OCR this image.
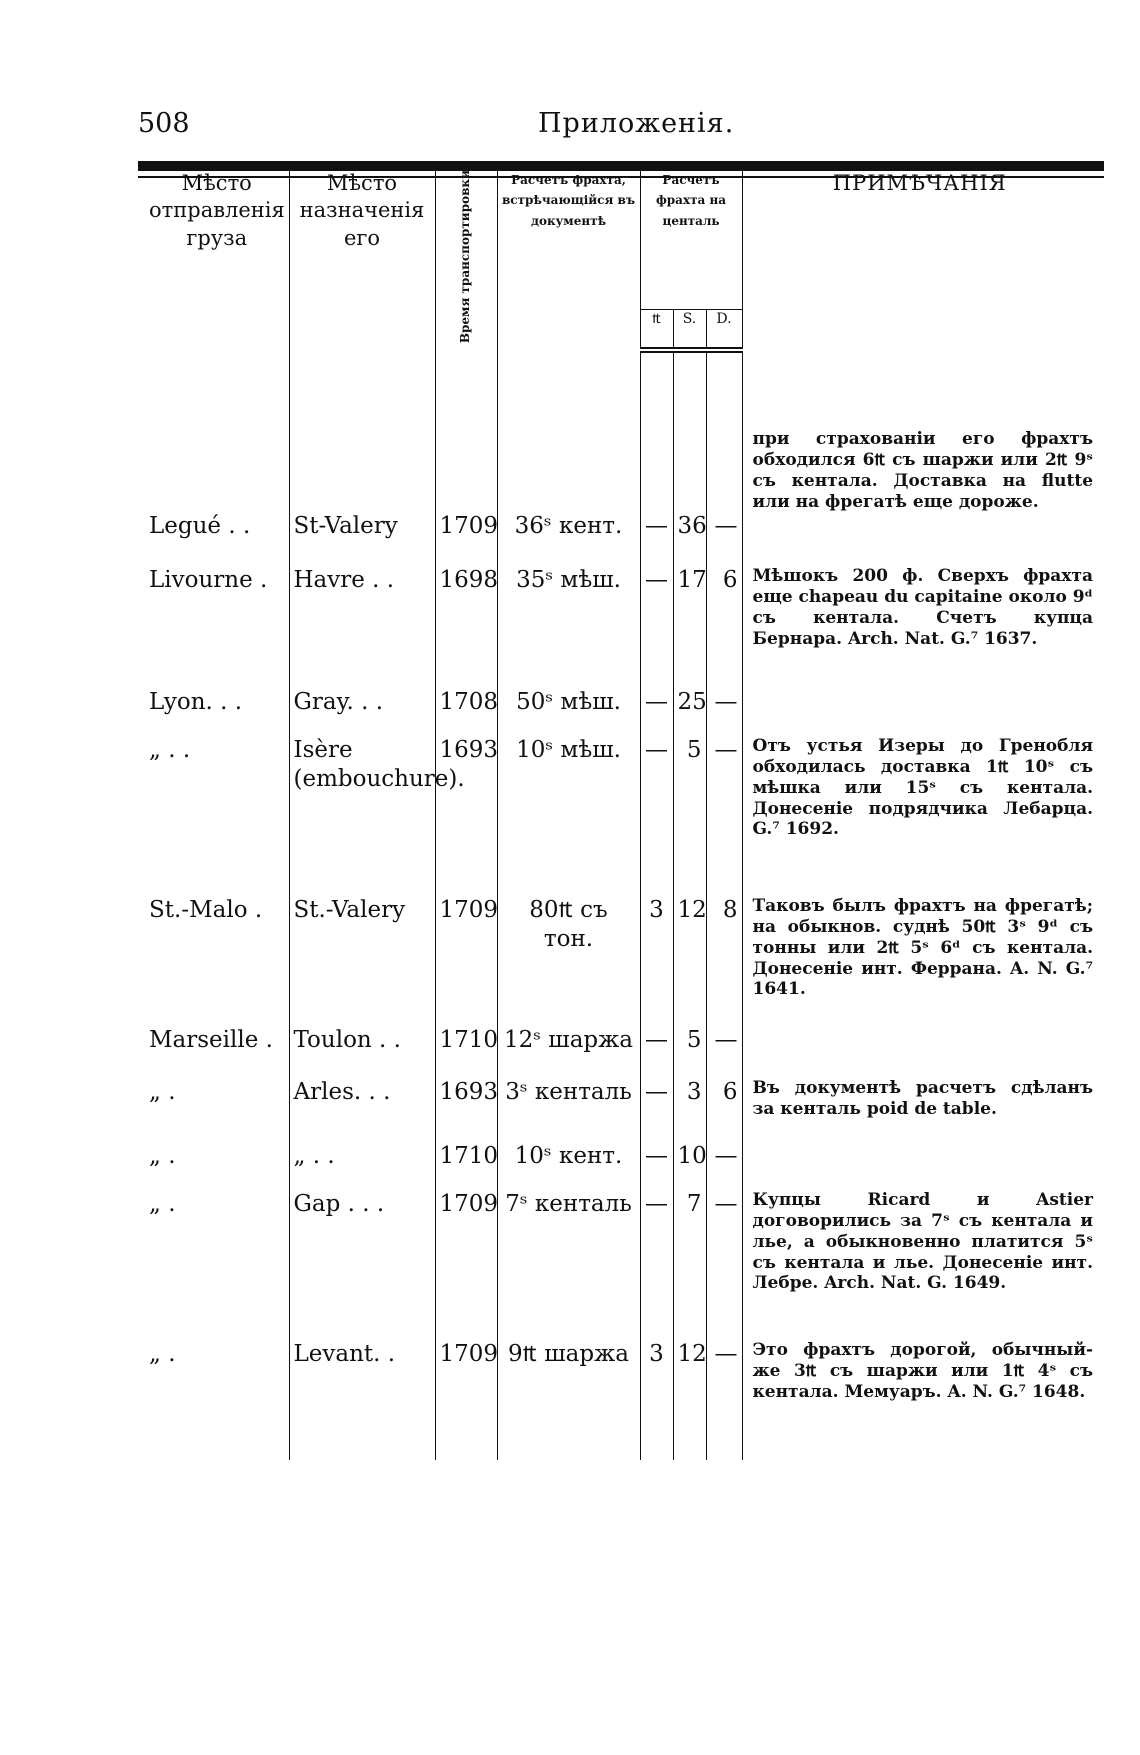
508	Приложенія.
Мѣсто отправленія груза	Мѣсто назначенія его	Время транспортировки	Расчетъ фрахта, встрѣчающійся въ документѣ	Расчетъ фрахта на центаль			ПРИМѢЧАНІЯ
				₶	S.	D.	

							при страхованіи его фрахтъ обходился 6₶ съ шаржи или 2₶ 9ˢ съ кентала. Доставка на flutte или на фрегатѣ еще дороже.
Legué . .	St-Valery	1709	36ˢ кент.	—	36	—	
Livourne .	Havre . .	1698	35ˢ мѣш.	—	17	6	Мѣшокъ 200 ф. Сверхъ фрахта еще chapeau du capitaine около 9ᵈ съ кентала. Счетъ купца Бернара. Arch. Nat. G.⁷ 1637.
Lyon. . .	Gray. . .	1708	50ˢ мѣш.	—	25	—	
„ . .	Isère (embouchure).	1693	10ˢ мѣш.	—	5	—	Отъ устья Изеры до Гренобля обходилась доставка 1₶ 10ˢ съ мѣшка или 15ˢ съ кентала. Донесеніе подрядчика Лебарца. G.⁷ 1692.
St.-Malo .	St.-Valery	1709	80₶ съ тон.	3	12	8	Таковъ былъ фрахтъ на фрегатѣ; на обыкнов. суднѣ 50₶ 3ˢ 9ᵈ съ тонны или 2₶ 5ˢ 6ᵈ съ кентала. Донесеніе инт. Феррана. A. N. G.⁷ 1641.
Marseille .	Toulon . .	1710	12ˢ шаржа	—	5	—	
„ .	Arles. . .	1693	3ˢ кенталь	—	3	6	Въ документѣ расчетъ сдѣланъ за кенталь poid de table.
„ .	„ . .	1710	10ˢ кент.	—	10	—	
„ .	Gap . . .	1709	7ˢ кенталь	—	7	—	Купцы Ricard и Astier договорились за 7ˢ съ кентала и лье, а обыкновенно платится 5ˢ съ кентала и лье. Донесеніе инт. Лебре. Arch. Nat. G. 1649.
„ .	Levant. .	1709	9₶ шаржа	3	12	—	Это фрахтъ дорогой, обычный-же 3₶ съ шаржи или 1₶ 4ˢ съ кентала. Мемуаръ. A. N. G.⁷ 1648.
